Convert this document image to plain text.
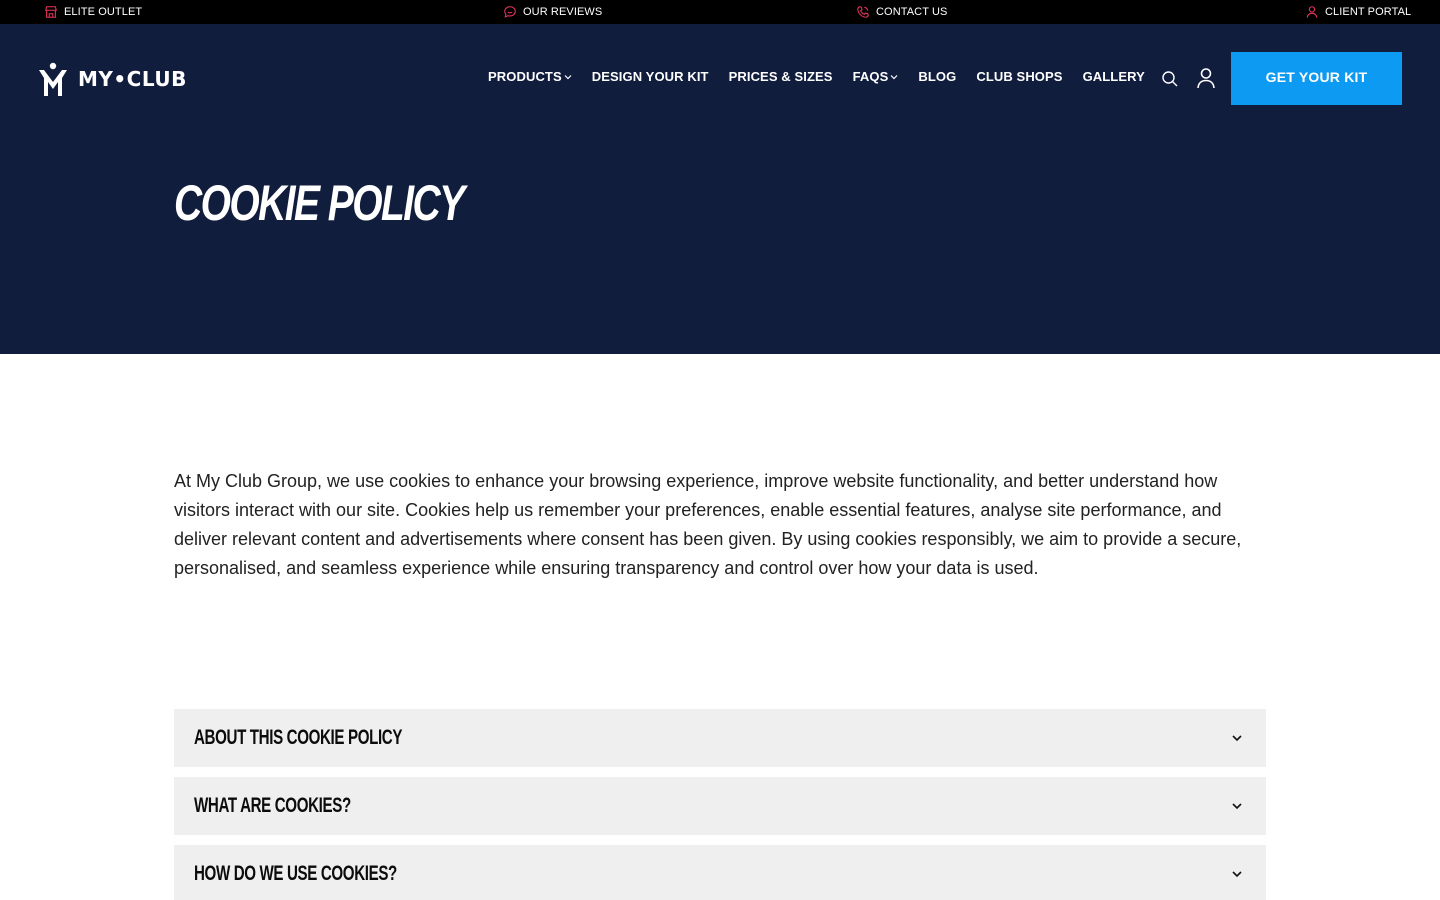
ELITE OUTLET	OUR REVIEWS	CONTACT US	CLIENT PORTAL
MY•CLUB	PRODUCTS DESIGN YOUR KIT PRICES & SIZES FAQS BLOG CLUB SHOPS GALLERY	GET YOUR KIT
COOKIE POLICY

At My Club Group, we use cookies to enhance your browsing experience, improve website functionality, and better understand how visitors interact with our site. Cookies help us remember your preferences, enable essential features, analyse site performance, and deliver relevant content and advertisements where consent has been given. By using cookies responsibly, we aim to provide a secure, personalised, and seamless experience while ensuring transparency and control over how your data is used.

ABOUT THIS COOKIE POLICY
WHAT ARE COOKIES?
HOW DO WE USE COOKIES?
